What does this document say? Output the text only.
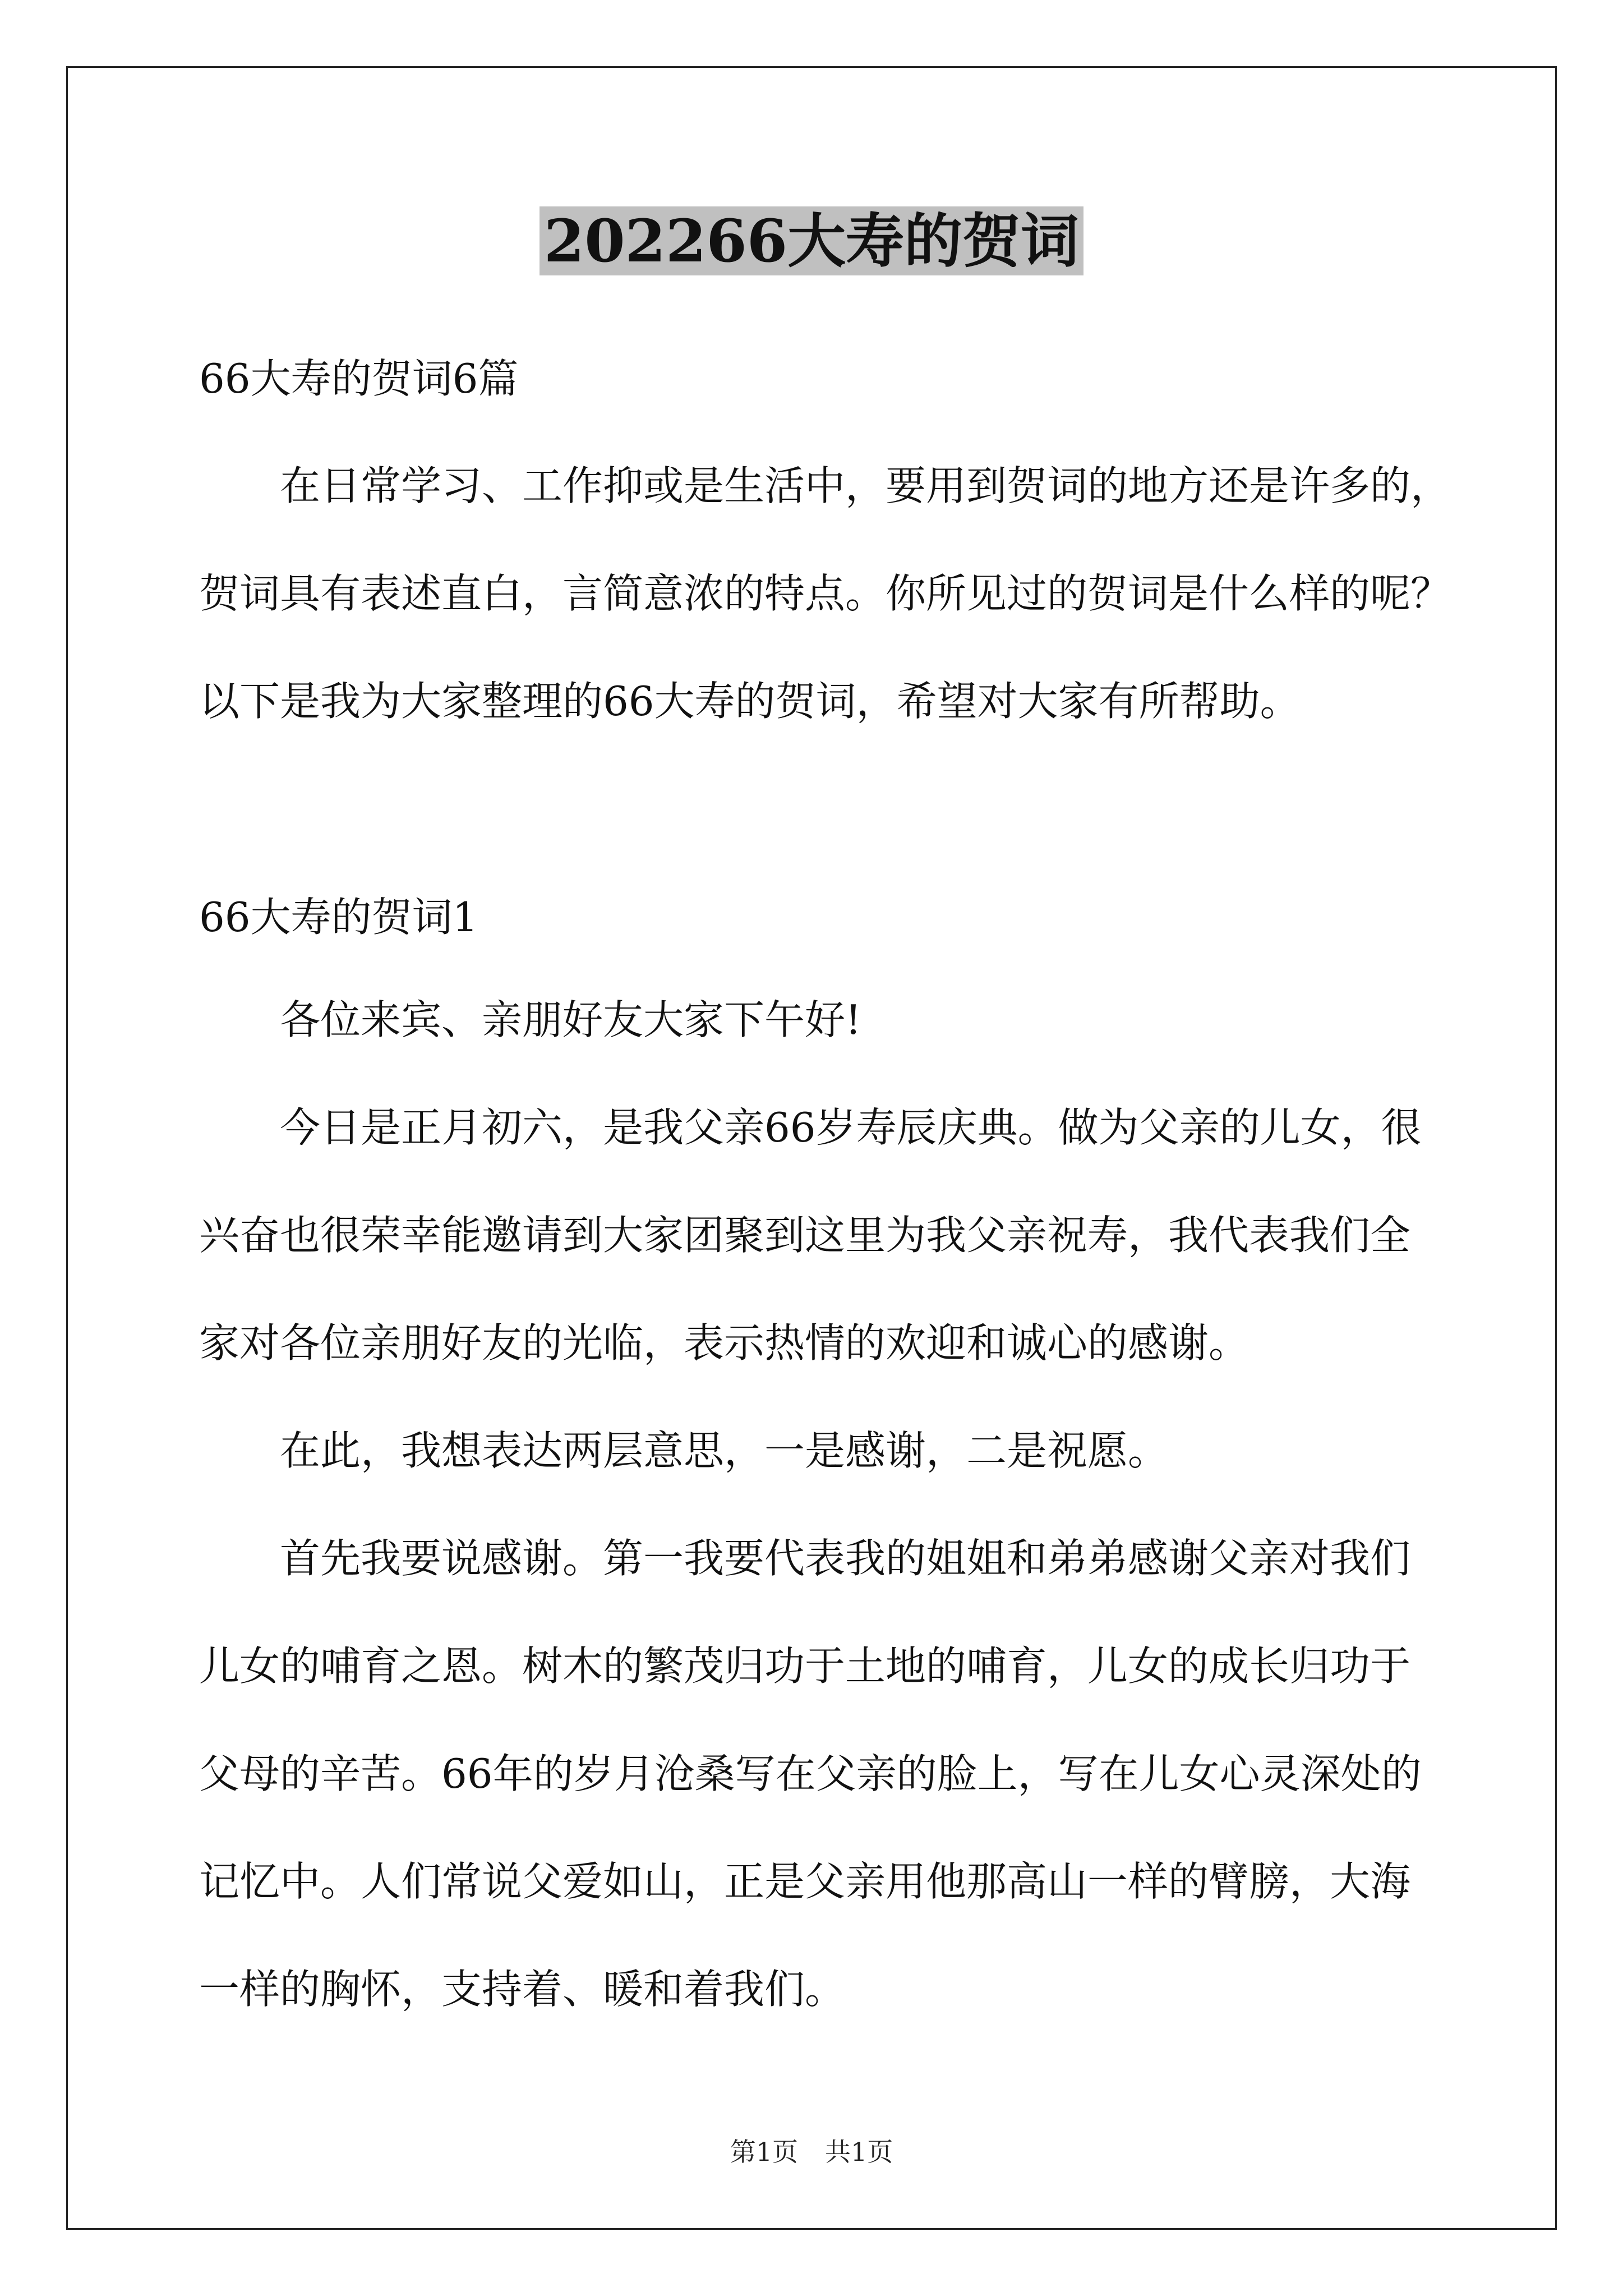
202266大寿的贺词

66大寿的贺词6篇

在日常学习、工作抑或是生活中，要用到贺词的地方还是许多的，
贺词具有表述直白，言简意浓的特点。你所见过的贺词是什么样的呢？
以下是我为大家整理的66大寿的贺词，希望对大家有所帮助。

66大寿的贺词1

各位来宾、亲朋好友大家下午好!
今日是正月初六，是我父亲66岁寿辰庆典。做为父亲的儿女，很
兴奋也很荣幸能邀请到大家团聚到这里为我父亲祝寿，我代表我们全
家对各位亲朋好友的光临，表示热情的欢迎和诚心的感谢。
在此，我想表达两层意思，一是感谢，二是祝愿。
首先我要说感谢。第一我要代表我的姐姐和弟弟感谢父亲对我们
儿女的哺育之恩。树木的繁茂归功于土地的哺育，儿女的成长归功于
父母的辛苦。66年的岁月沧桑写在父亲的脸上，写在儿女心灵深处的
记忆中。人们常说父爱如山，正是父亲用他那高山一样的臂膀，大海
一样的胸怀，支持着、暖和着我们。
第1页 共1页
